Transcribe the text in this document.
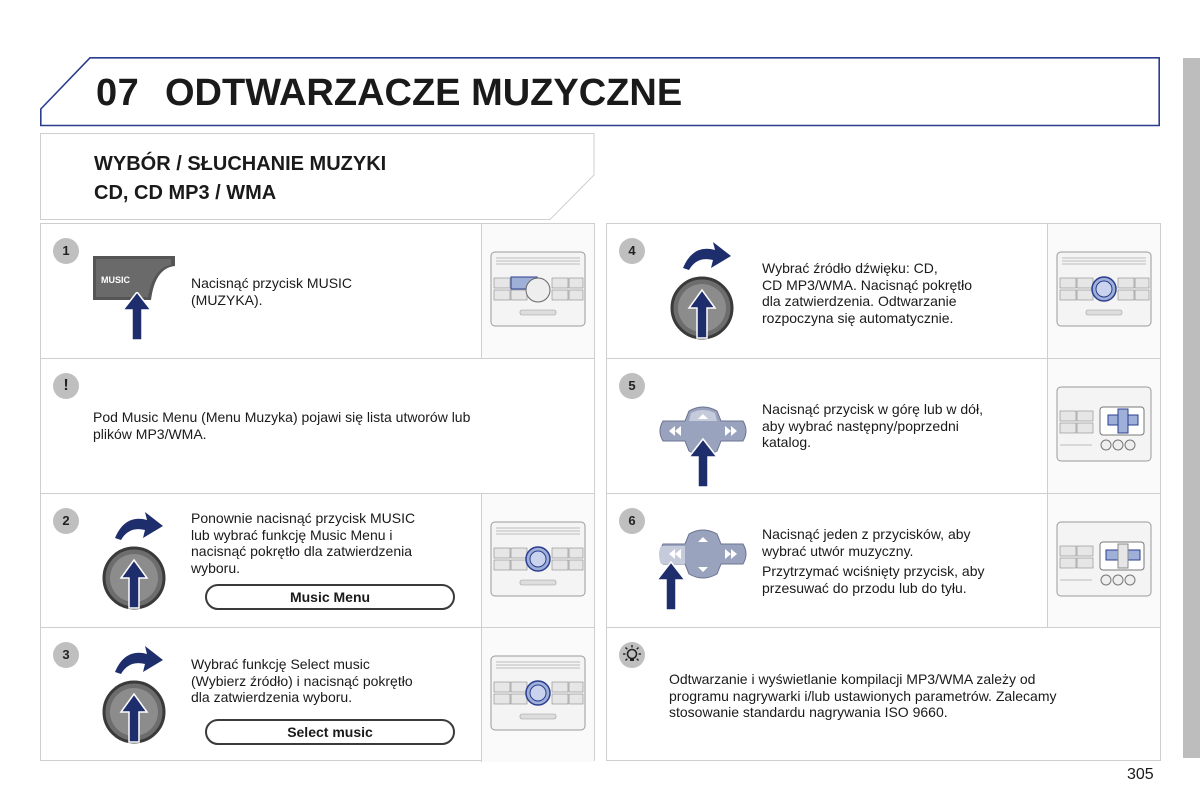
07 ODTWARZACZE MUZYCZNE
WYBÓR / SŁUCHANIE MUZYKI
CD, CD MP3 / WMA
1
MUSIC	Nacisnąć przycisk MUSIC
(MUZYKA).
!
Pod Music Menu (Menu Muzyka) pojawi się lista utworów lub
plików MP3/WMA.
2	Ponownie nacisnąć przycisk MUSIC
lub wybrać funkcję Music Menu i
nacisnąć pokrętło dla zatwierdzenia
wyboru.
Music Menu
3
Wybrać funkcję Select music
(Wybierz źródło) i nacisnąć pokrętło
dla zatwierdzenia wyboru.
Select music
4
Wybrać źródło dźwięku: CD,
CD MP3/WMA. Nacisnąć pokrętło
dla zatwierdzenia. Odtwarzanie
rozpoczyna się automatycznie.
5
Nacisnąć przycisk w górę lub w dół,
aby wybrać następny/poprzedni
katalog.
6
Nacisnąć jeden z przycisków, aby
wybrać utwór muzyczny.
Przytrzymać wciśnięty przycisk, aby
przesuwać do przodu lub do tyłu.
Odtwarzanie i wyświetlanie kompilacji MP3/WMA zależy od
programu nagrywarki i/lub ustawionych parametrów. Zalecamy
stosowanie standardu nagrywania ISO 9660.
305
